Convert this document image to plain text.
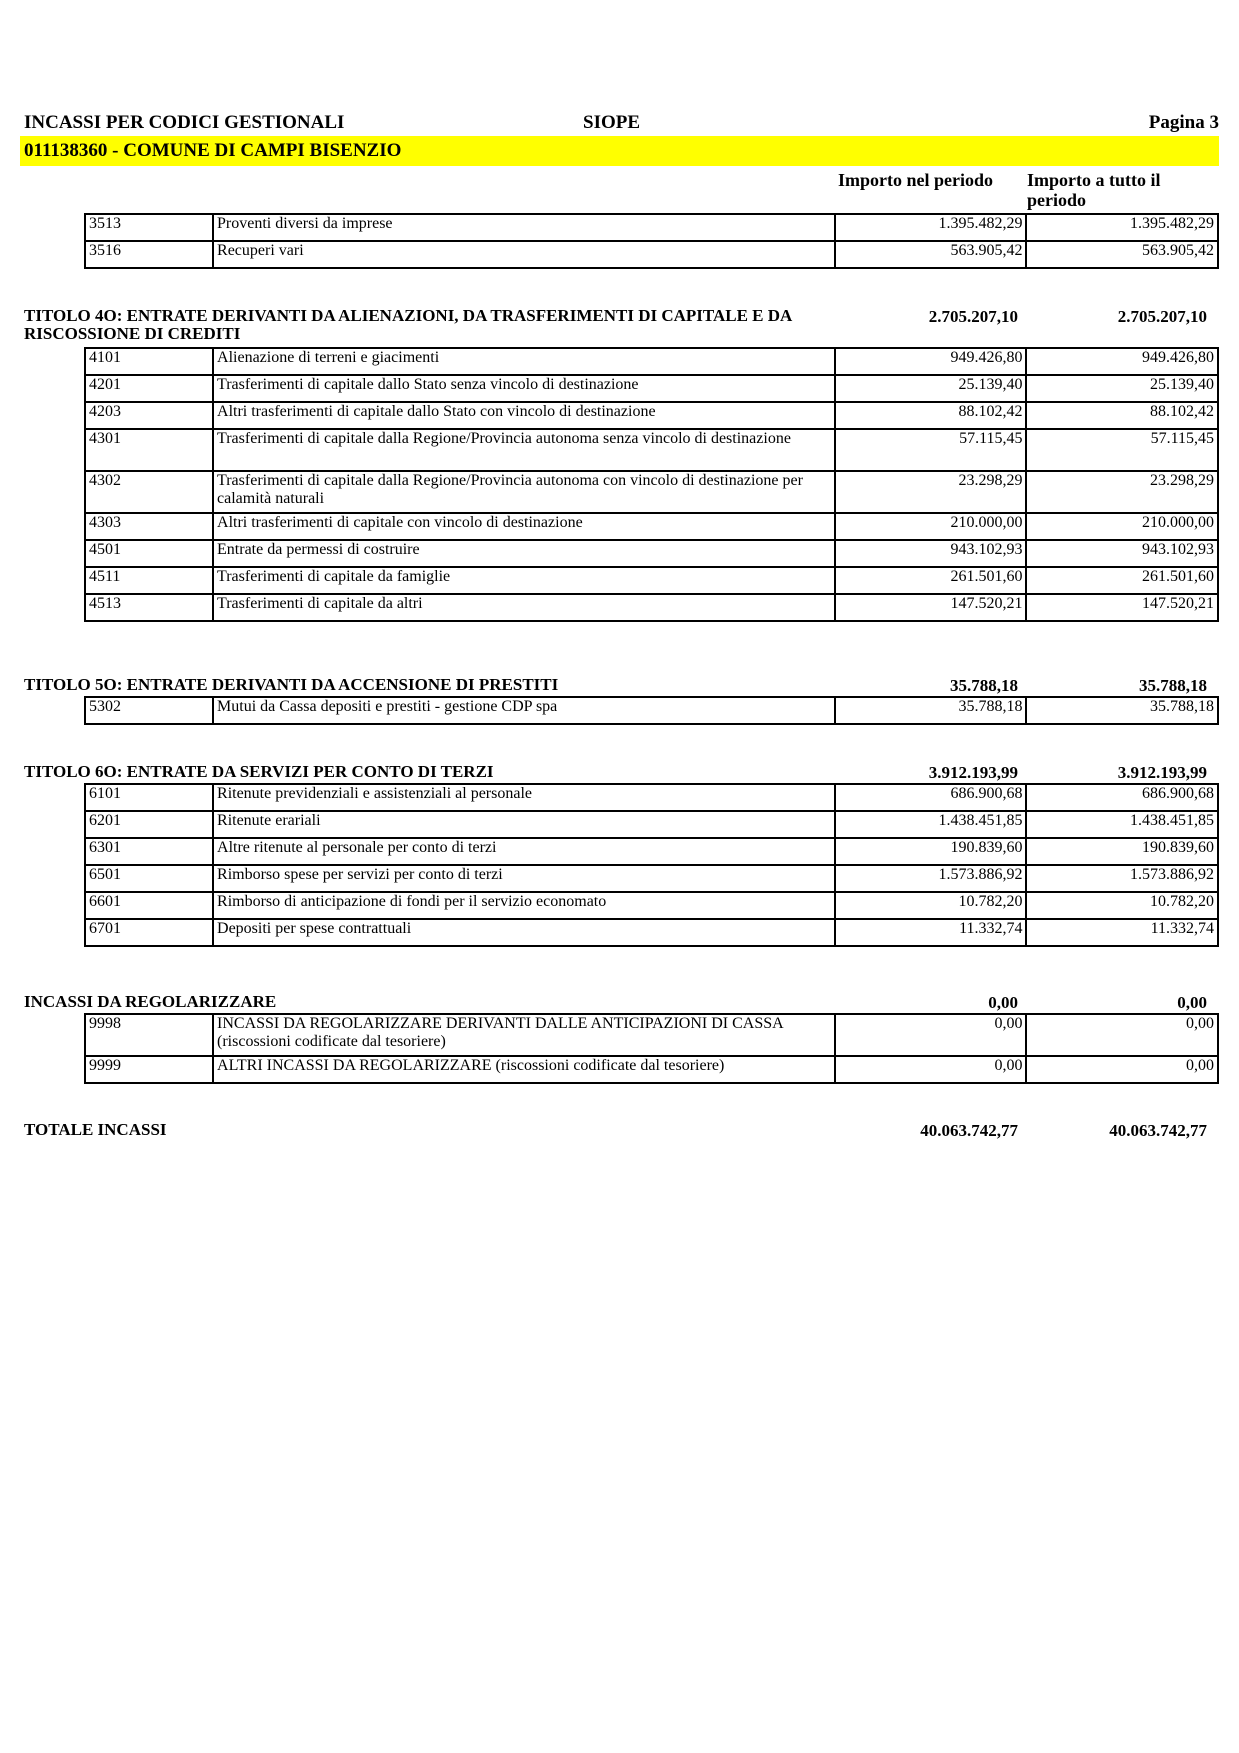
INCASSI PER CODICI GESTIONALI	SIOPE	Pagina 3
011138360 - COMUNE DI CAMPI BISENZIO
Importo nel periodo Importo a tutto il
periodo
3513	Proventi diversi da imprese	1.395.482,29	1.395.482,29
3516	Recuperi vari	563.905,42	563.905,42
TITOLO 4O: ENTRATE DERIVANTI DA ALIENAZIONI, DA TRASFERIMENTI DI CAPITALE E DA RISCOSSIONE DI CREDITI
2.705.207,10	2.705.207,10
4101	Alienazione di terreni e giacimenti	949.426,80	949.426,80
4201	Trasferimenti di capitale dallo Stato senza vincolo di destinazione	25.139,40	25.139,40
4203	Altri trasferimenti di capitale dallo Stato con vincolo di destinazione	88.102,42	88.102,42
4301	Trasferimenti di capitale dalla Regione/Provincia autonoma senza vincolo di destinazione	57.115,45	57.115,45
4302	Trasferimenti di capitale dalla Regione/Provincia autonoma con vincolo di destinazione per calamità naturali	23.298,29	23.298,29
4303	Altri trasferimenti di capitale con vincolo di destinazione	210.000,00	210.000,00
4501	Entrate da permessi di costruire	943.102,93	943.102,93
4511	Trasferimenti di capitale da famiglie	261.501,60	261.501,60
4513	Trasferimenti di capitale da altri	147.520,21	147.520,21
TITOLO 5O: ENTRATE DERIVANTI DA ACCENSIONE DI PRESTITI	35.788,18	35.788,18
5302	Mutui da Cassa depositi e prestiti - gestione CDP spa	35.788,18	35.788,18
TITOLO 6O: ENTRATE DA SERVIZI PER CONTO DI TERZI	3.912.193,99	3.912.193,99
6101	Ritenute previdenziali e assistenziali al personale	686.900,68	686.900,68
6201	Ritenute erariali	1.438.451,85	1.438.451,85
6301	Altre ritenute al personale per conto di terzi	190.839,60	190.839,60
6501	Rimborso spese per servizi per conto di terzi	1.573.886,92	1.573.886,92
6601	Rimborso di anticipazione di fondi per il servizio economato	10.782,20	10.782,20
6701	Depositi per spese contrattuali	11.332,74	11.332,74
INCASSI DA REGOLARIZZARE	0,00	0,00
9998	INCASSI DA REGOLARIZZARE DERIVANTI DALLE ANTICIPAZIONI DI CASSA (riscossioni codificate dal tesoriere)	0,00	0,00
9999	ALTRI INCASSI DA REGOLARIZZARE (riscossioni codificate dal tesoriere)	0,00	0,00
TOTALE INCASSI	40.063.742,77	40.063.742,77
